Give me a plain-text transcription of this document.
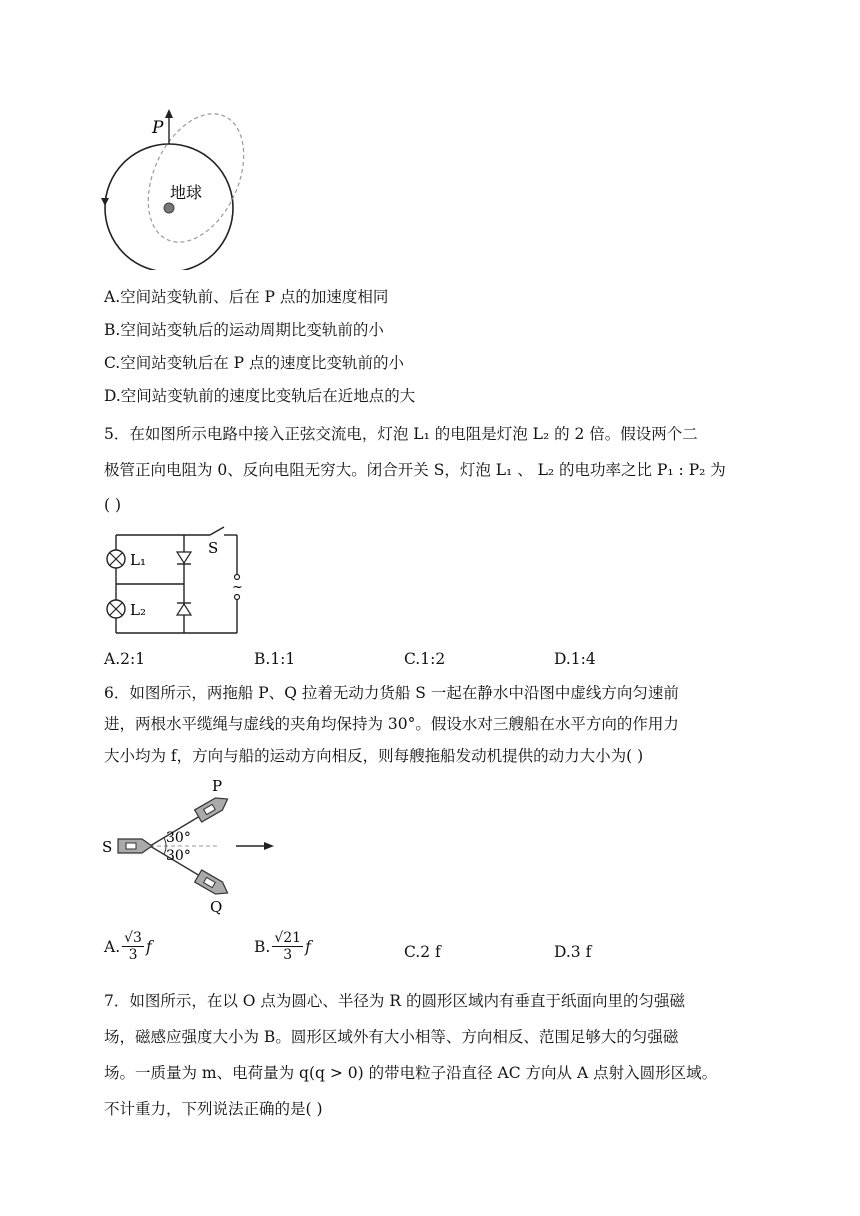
P
地球
A.空间站变轨前、后在 P 点的加速度相同
B.空间站变轨后的运动周期比变轨前的小
C.空间站变轨后在 P 点的速度比变轨前的小
D.空间站变轨前的速度比变轨后在近地点的大
5．在如图所示电路中接入正弦交流电，灯泡 L₁ 的电阻是灯泡 L₂ 的 2 倍。假设两个二
极管正向电阻为 0、反向电阻无穷大。闭合开关 S，灯泡 L₁ 、 L₂ 的电功率之比 P₁ : P₂ 为
( )
L₁
L₂
S
~
A.2:1	B.1:1	C.1:2	D.1:4
6．如图所示，两拖船 P、Q 拉着无动力货船 S 一起在静水中沿图中虚线方向匀速前
进，两根水平缆绳与虚线的夹角均保持为 30°。假设水对三艘船在水平方向的作用力
大小均为 f，方向与船的运动方向相反，则每艘拖船发动机提供的动力大小为( )
S
P
Q
30°
30°
A. $\frac{√3}{3}$ f	B. $\frac{√21}{3}$ f	C.2 f	D.3 f
7．如图所示，在以 O 点为圆心、半径为 R 的圆形区域内有垂直于纸面向里的匀强磁
场，磁感应强度大小为 B。圆形区域外有大小相等、方向相反、范围足够大的匀强磁
场。一质量为 m、电荷量为 q(q > 0) 的带电粒子沿直径 AC 方向从 A 点射入圆形区域。
不计重力，下列说法正确的是( )
